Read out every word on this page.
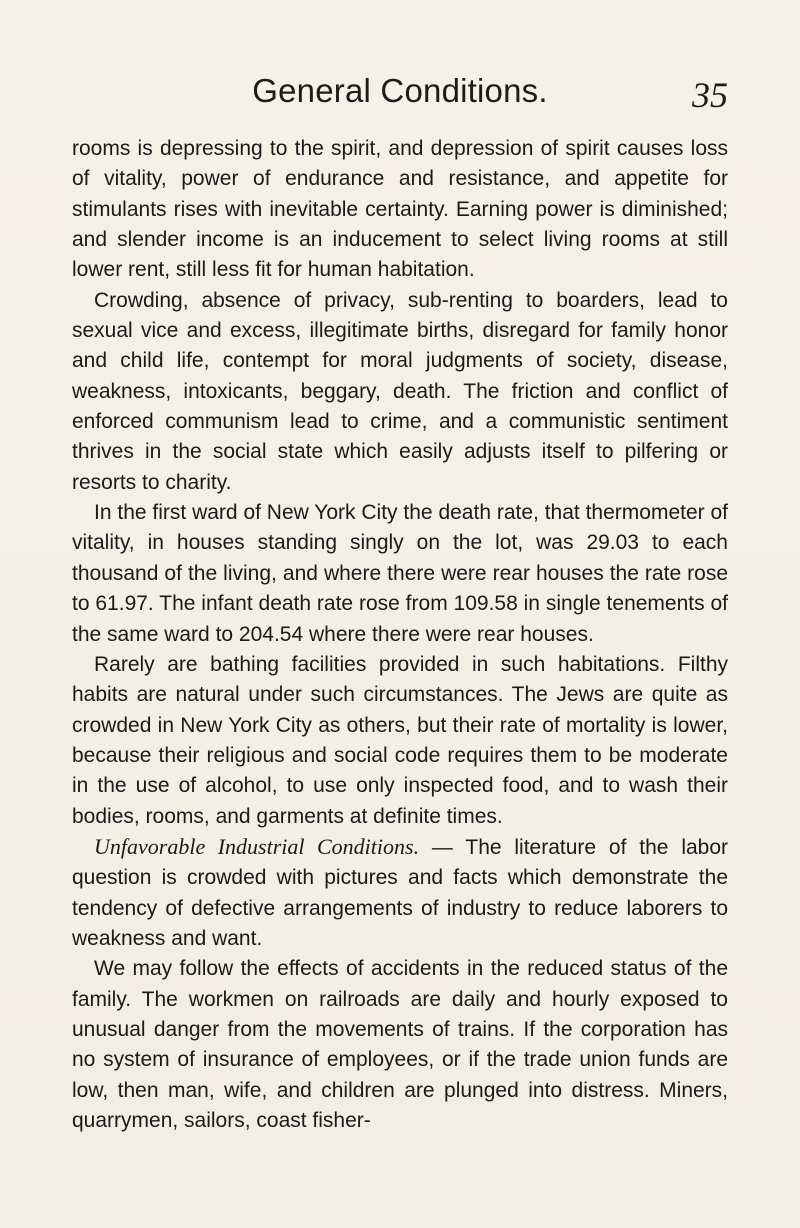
General Conditions.	35

rooms is depressing to the spirit, and depression of spirit causes loss of vitality, power of endurance and resistance, and appetite for stimulants rises with inevitable certainty. Earning power is diminished; and slender income is an inducement to select living rooms at still lower rent, still less fit for human habitation.

Crowding, absence of privacy, sub-renting to boarders, lead to sexual vice and excess, illegitimate births, disregard for family honor and child life, contempt for moral judgments of society, disease, weakness, intoxicants, beggary, death. The friction and conflict of enforced communism lead to crime, and a communistic sentiment thrives in the social state which easily adjusts itself to pilfering or resorts to charity.

In the first ward of New York City the death rate, that thermometer of vitality, in houses standing singly on the lot, was 29.03 to each thousand of the living, and where there were rear houses the rate rose to 61.97. The infant death rate rose from 109.58 in single tenements of the same ward to 204.54 where there were rear houses.

Rarely are bathing facilities provided in such habitations. Filthy habits are natural under such circumstances. The Jews are quite as crowded in New York City as others, but their rate of mortality is lower, because their religious and social code requires them to be moderate in the use of alcohol, to use only inspected food, and to wash their bodies, rooms, and garments at definite times.

Unfavorable Industrial Conditions. — The literature of the labor question is crowded with pictures and facts which demonstrate the tendency of defective arrangements of industry to reduce laborers to weakness and want.

We may follow the effects of accidents in the reduced status of the family. The workmen on railroads are daily and hourly exposed to unusual danger from the movements of trains. If the corporation has no system of insurance of employees, or if the trade union funds are low, then man, wife, and children are plunged into distress. Miners, quarrymen, sailors, coast fisher-
